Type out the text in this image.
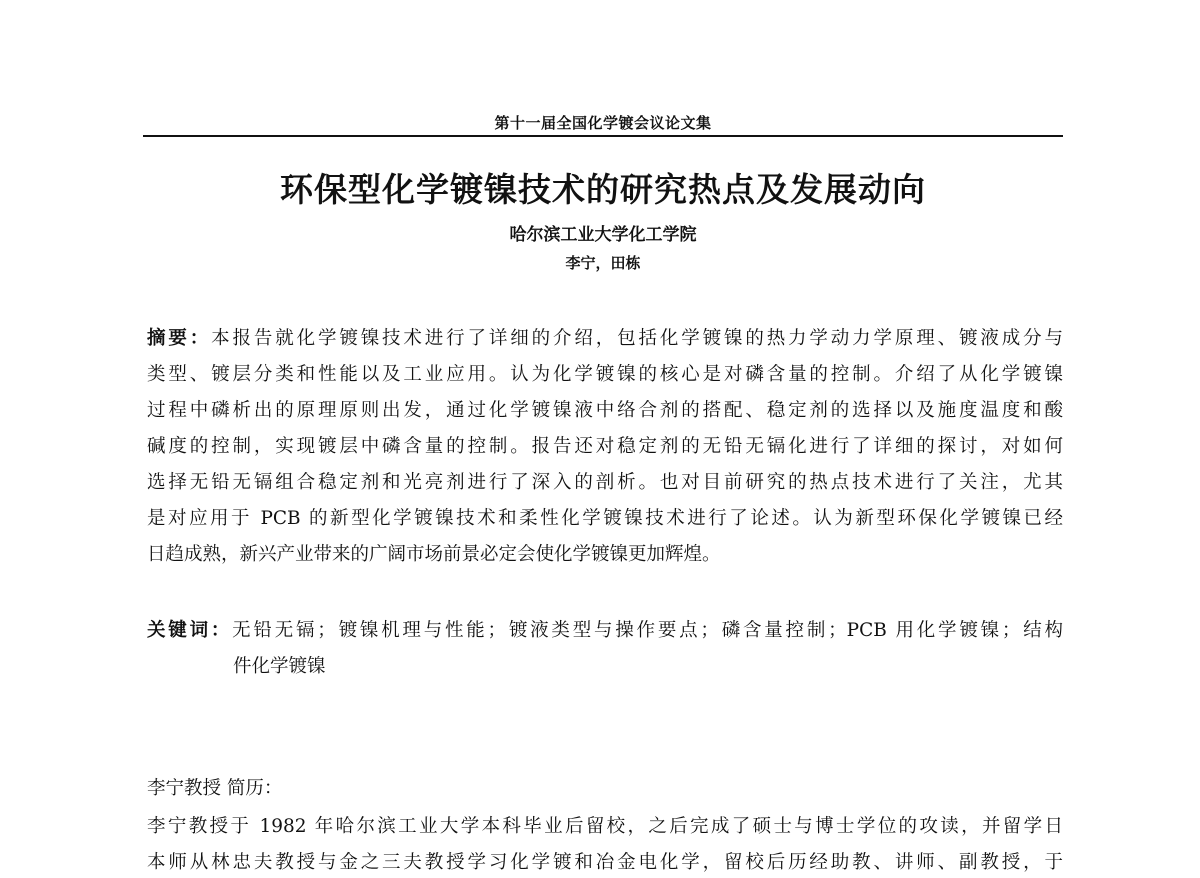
第十一届全国化学镀会议论文集
环保型化学镀镍技术的研究热点及发展动向
哈尔滨工业大学化工学院
李宁，田栋
摘要：本报告就化学镀镍技术进行了详细的介绍，包括化学镀镍的热力学动力学原理、镀液成分与
类型、镀层分类和性能以及工业应用。认为化学镀镍的核心是对磷含量的控制。介绍了从化学镀镍
过程中磷析出的原理原则出发，通过化学镀镍液中络合剂的搭配、稳定剂的选择以及施度温度和酸
碱度的控制，实现镀层中磷含量的控制。报告还对稳定剂的无铅无镉化进行了详细的探讨，对如何
选择无铅无镉组合稳定剂和光亮剂进行了深入的剖析。也对目前研究的热点技术进行了关注，尤其
是对应用于 PCB 的新型化学镀镍技术和柔性化学镀镍技术进行了论述。认为新型环保化学镀镍已经
日趋成熟，新兴产业带来的广阔市场前景必定会使化学镀镍更加辉煌。
关键词：无铅无镉；镀镍机理与性能；镀液类型与操作要点；磷含量控制；PCB 用化学镀镍；结构
件化学镀镍
李宁教授 简历：
李宁教授于 1982 年哈尔滨工业大学本科毕业后留校，之后完成了硕士与博士学位的攻读，并留学日
本师从林忠夫教授与金之三夫教授学习化学镀和冶金电化学，留校后历经助教、讲师、副教授，于
